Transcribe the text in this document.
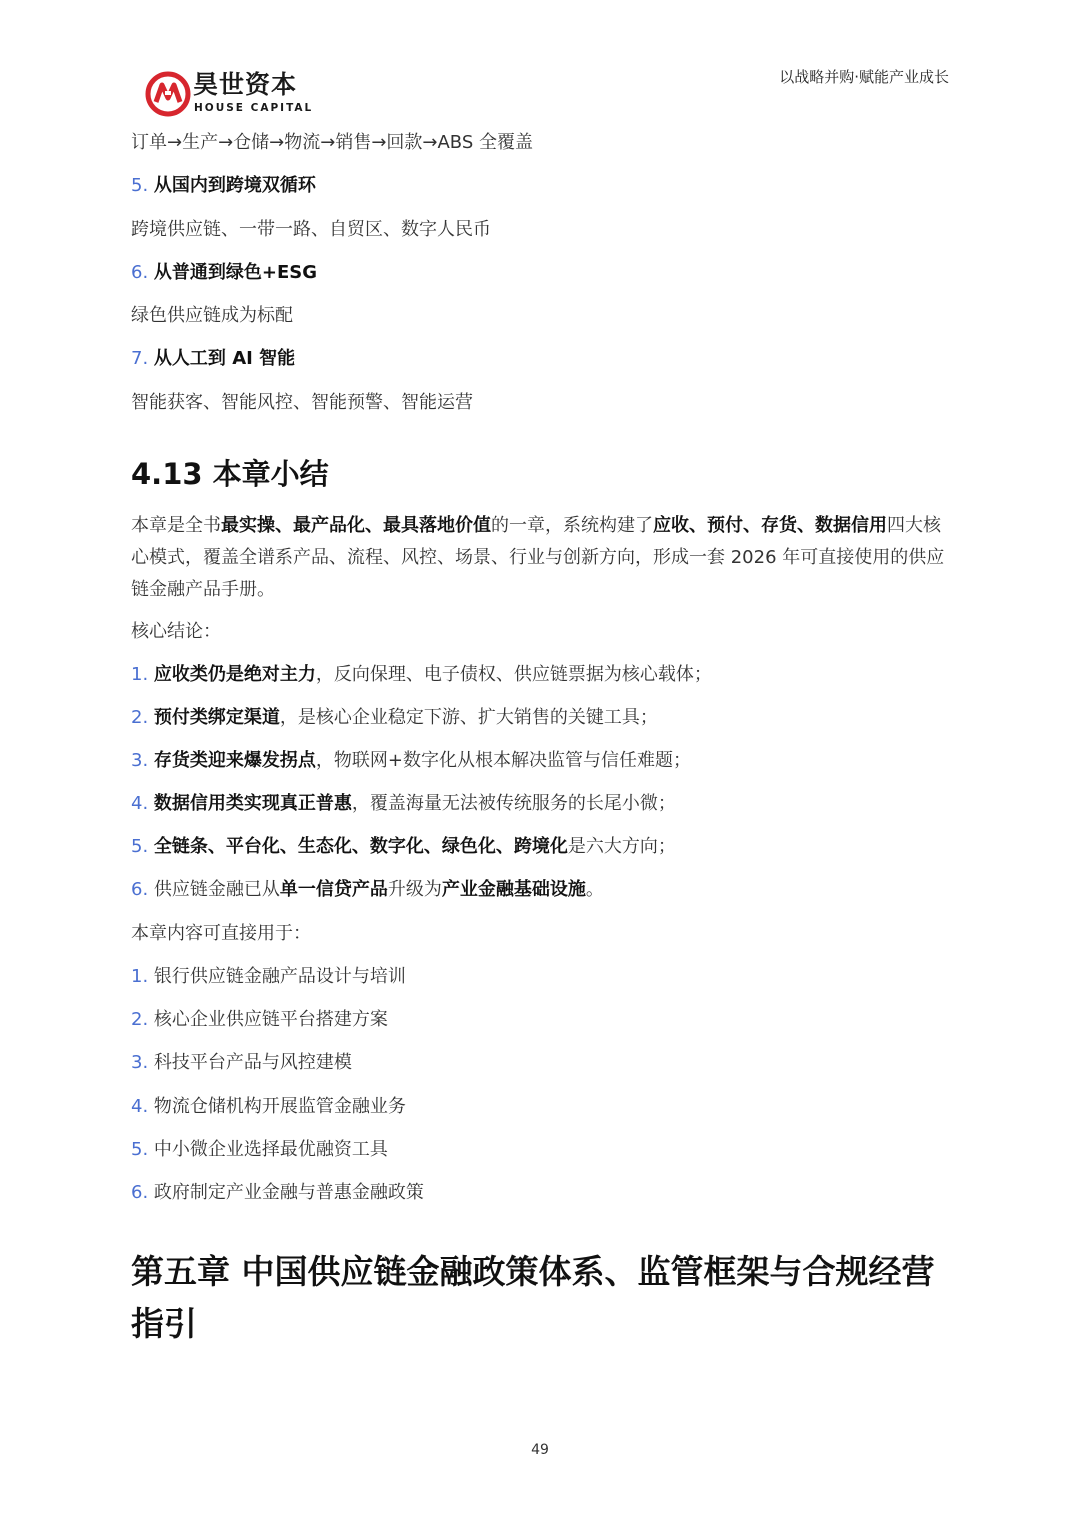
昊世资本
HOUSE CAPITAL
以战略并购·赋能产业成长
订单→生产→仓储→物流→销售→回款→ABS 全覆盖
5. 从国内到跨境双循环
跨境供应链、一带一路、自贸区、数字人民币
6. 从普通到绿色+ESG
绿色供应链成为标配
7. 从人工到 AI 智能
智能获客、智能风控、智能预警、智能运营
4.13 本章小结
本章是全书最实操、最产品化、最具落地价值的一章，系统构建了应收、预付、存货、数据信用四大核心模式，覆盖全谱系产品、流程、风控、场景、行业与创新方向，形成一套 2026 年可直接使用的供应链金融产品手册。
核心结论：
1. 应收类仍是绝对主力，反向保理、电子债权、供应链票据为核心载体；
2. 预付类绑定渠道，是核心企业稳定下游、扩大销售的关键工具；
3. 存货类迎来爆发拐点，物联网+数字化从根本解决监管与信任难题；
4. 数据信用类实现真正普惠，覆盖海量无法被传统服务的长尾小微；
5. 全链条、平台化、生态化、数字化、绿色化、跨境化是六大方向；
6. 供应链金融已从单一信贷产品升级为产业金融基础设施。
本章内容可直接用于：
1. 银行供应链金融产品设计与培训
2. 核心企业供应链平台搭建方案
3. 科技平台产品与风控建模
4. 物流仓储机构开展监管金融业务
5. 中小微企业选择最优融资工具
6. 政府制定产业金融与普惠金融政策
第五章 中国供应链金融政策体系、监管框架与合规经营指引
49
